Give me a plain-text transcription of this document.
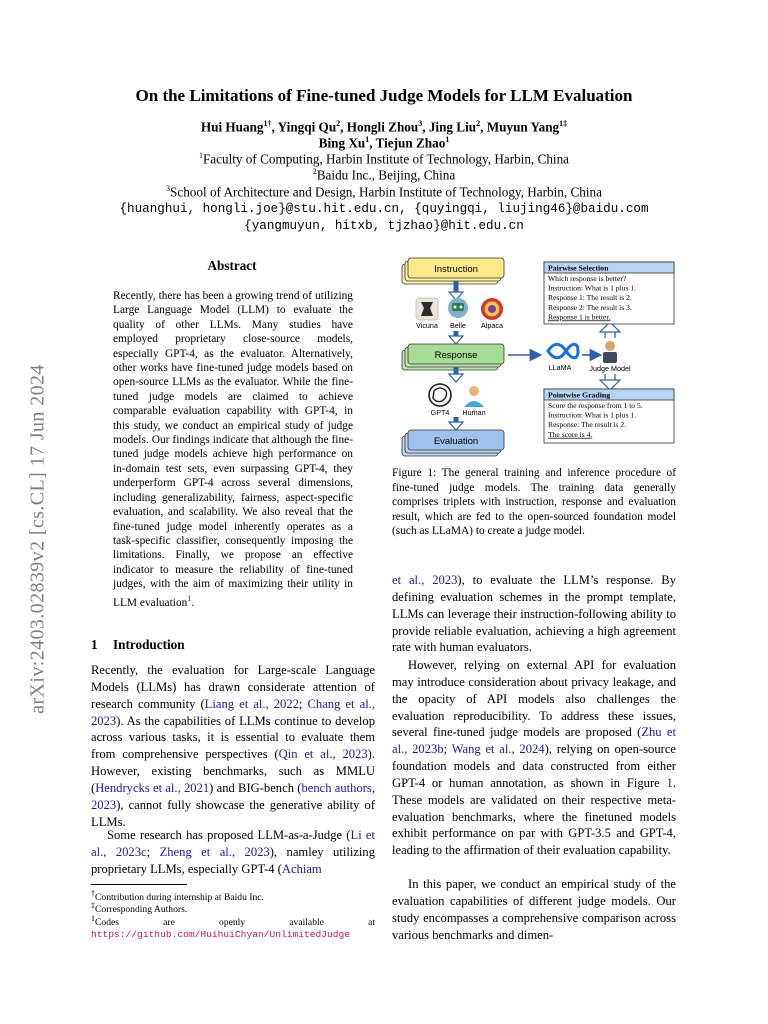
arXiv:2403.02839v2 [cs.CL] 17 Jun 2024
On the Limitations of Fine-tuned Judge Models for LLM Evaluation
Hui Huang$^{1\dagger}$, Yingqi Qu$^2$, Hongli Zhou$^3$, Jing Liu$^2$, Muyun Yang$^{1\ddagger}$
Bing Xu$^1$, Tiejun Zhao$^1$
$^1$Faculty of Computing, Harbin Institute of Technology, Harbin, China
$^2$Baidu Inc., Beijing, China
$^3$School of Architecture and Design, Harbin Institute of Technology, Harbin, China
{huanghui, hongli.joe}@stu.hit.edu.cn, {quyingqi, liujing46}@baidu.com
{yangmuyun, hitxb, tjzhao}@hit.edu.cn
Abstract
Recently, there has been a growing trend of utilizing Large Language Model (LLM) to evaluate the quality of other LLMs. Many studies have employed proprietary close-source models, especially GPT-4, as the evaluator. Alternatively, other works have fine-tuned judge models based on open-source LLMs as the evaluator. While the fine-tuned judge models are claimed to achieve comparable evaluation capability with GPT-4, in this study, we conduct an empirical study of judge models. Our findings indicate that although the fine-tuned judge models achieve high performance on in-domain test sets, even surpassing GPT-4, they underperform GPT-4 across several dimensions, including generalizability, fairness, aspect-specific evaluation, and scalability. We also reveal that the fine-tuned judge model inherently operates as a task-specific classifier, consequently imposing the limitations. Finally, we propose an effective indicator to measure the reliability of fine-tuned judges, with the aim of maximizing their utility in LLM evaluation$^1$.
1 Introduction
Recently, the evaluation for Large-scale Language Models (LLMs) has drawn considerate attention of research community (Liang et al., 2022; Chang et al., 2023). As the capabilities of LLMs continue to develop across various tasks, it is essential to evaluate them from comprehensive perspectives (Qin et al., 2023). However, existing benchmarks, such as MMLU (Hendrycks et al., 2021) and BIG-bench (bench authors, 2023), cannot fully showcase the generative ability of LLMs.
Some research has proposed LLM-as-a-Judge (Li et al., 2023c; Zheng et al., 2023), namley utilizing proprietary LLMs, especially GPT-4 (Achiam
†Contribution during internship at Baidu Inc.
‡Corresponding Authors.
$^1$Codes are openly available at https://github.com/HuihuiChyan/UnlimitedJudge
Instruction
Vicuna Belle Alpaca
Response
GPT4 Human
Evaluation
LLaMA	Judge Model
Pairwise Selection
Which response is better?
Instruction: What is 1 plus 1.
Response 1: The result is 2.
Response 2: The result is 3.
Response 1 is better.
Pointwise Grading
Score the response from 1 to 5.
Instruction: What is 1 plus 1.
Response: The result is 2.
The score is 4.
Figure 1: The general training and inference procedure of fine-tuned judge models. The training data generally comprises triplets with instruction, response and evaluation result, which are fed to the open-sourced foundation model (such as LLaMA) to create a judge model.
et al., 2023), to evaluate the LLM’s response. By defining evaluation schemes in the prompt template, LLMs can leverage their instruction-following ability to provide reliable evaluation, achieving a high agreement rate with human evaluators.
However, relying on external API for evaluation may introduce consideration about privacy leakage, and the opacity of API models also challenges the evaluation reproducibility. To address these issues, several fine-tuned judge models are proposed (Zhu et al., 2023b; Wang et al., 2024), relying on open-source foundation models and data constructed from either GPT-4 or human annotation, as shown in Figure 1. These models are validated on their respective meta-evaluation benchmarks, where the finetuned models exhibit performance on par with GPT-3.5 and GPT-4, leading to the affirmation of their evaluation capability.
In this paper, we conduct an empirical study of the evaluation capabilities of different judge models. Our study encompasses a comprehensive comparison across various benchmarks and dimen-
